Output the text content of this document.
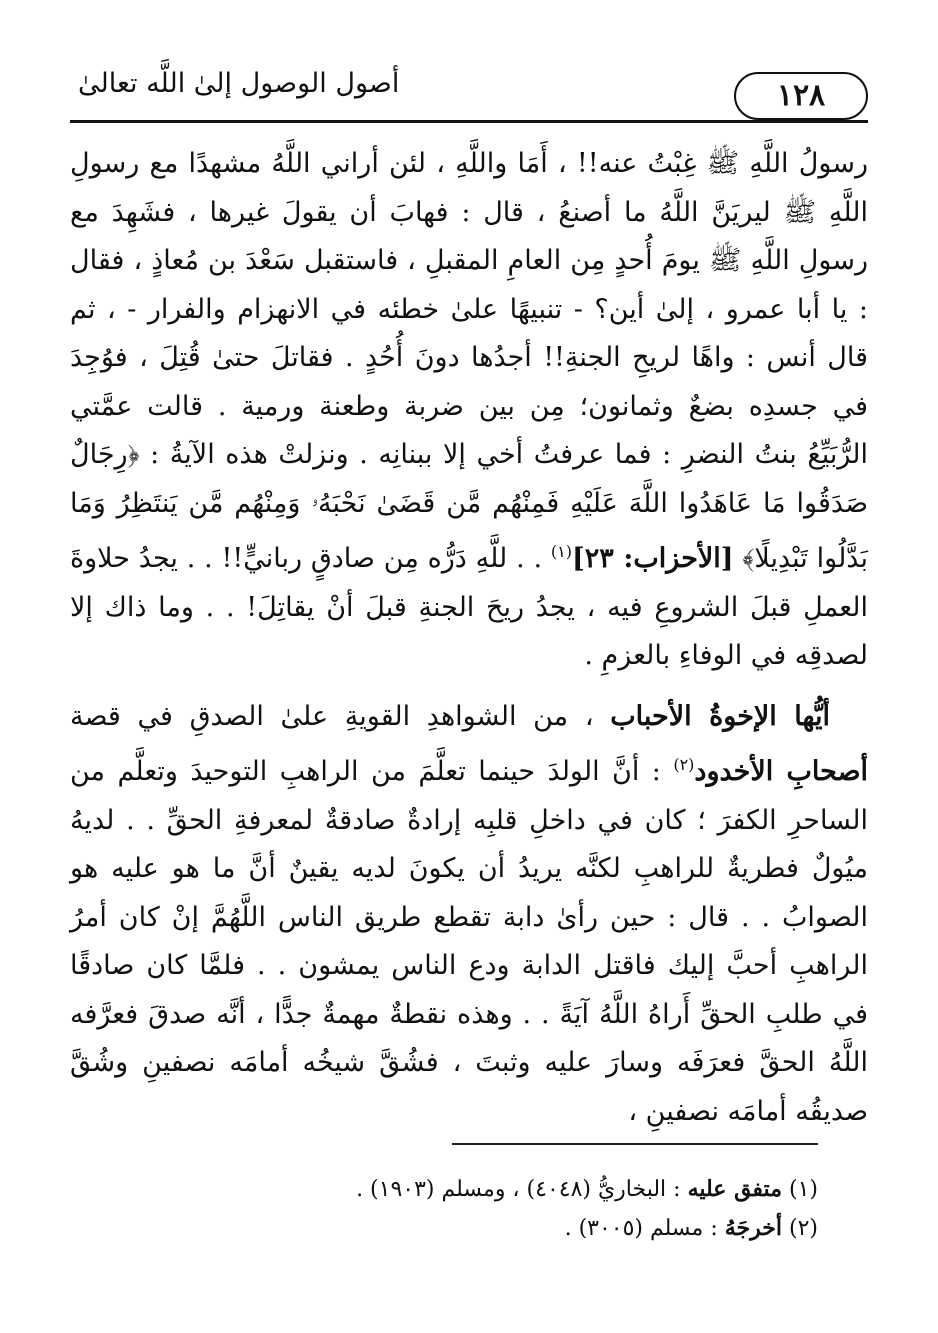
١٢٨
أصول الوصول إلىٰ اللَّه تعالىٰ

رسولُ اللَّهِ ﷺ غِبْتُ عنه!! ، أَمَا واللَّهِ ، لئن أراني اللَّهُ مشهدًا مع رسولِ اللَّهِ ﷺ ليريَنَّ اللَّهُ ما أصنعُ ، قال : فهابَ أن يقولَ غيرها ، فشَهِدَ مع رسولِ اللَّهِ ﷺ يومَ أُحدٍ مِن العامِ المقبلِ ، فاستقبل سَعْدَ بن مُعاذٍ ، فقال : يا أبا عمرو ، إلىٰ أين؟ - تنبيهًا علىٰ خطئه في الانهزام والفرار - ، ثم قال أنس : واهًا لريحِ الجنةِ!! أجدُها دونَ أُحُدٍ . فقاتلَ حتىٰ قُتِلَ ، فوُجِدَ في جسدِه بضعٌ وثمانون؛ مِن بين ضربة وطعنة ورمية . قالت عمَّتي الرُّبَيِّعُ بنتُ النضرِ : فما عرفتُ أخي إلا ببنانِه . ونزلتْ هذه الآيةُ : ﴿رِجَالٌ صَدَقُوا مَا عَاهَدُوا اللَّهَ عَلَيْهِ فَمِنْهُم مَّن قَضَىٰ نَحْبَهُۥ وَمِنْهُم مَّن يَنتَظِرُ وَمَا بَدَّلُوا تَبْدِيلًا﴾ [الأحزاب: ٢٣]$^{(١)}$ . . للَّهِ دَرُّه مِن صادقٍ ربانيٍّ!! . . يجدُ حلاوةَ العملِ قبلَ الشروعِ فيه ، يجدُ ريحَ الجنةِ قبلَ أنْ يقاتِلَ! . . وما ذاك إلا لصدقِه في الوفاءِ بالعزمِ .

أيُّها الإخوةُ الأحباب ، من الشواهدِ القويةِ علىٰ الصدقِ في قصة أصحابِ الأخدود$^{(٢)}$ : أنَّ الولدَ حينما تعلَّمَ من الراهبِ التوحيدَ وتعلَّم من الساحرِ الكفرَ ؛ كان في داخلِ قلبِه إرادةٌ صادقةٌ لمعرفةِ الحقِّ . . لديهُ ميُولٌ فطريةٌ للراهبِ لكنَّه يريدُ أن يكونَ لديه يقينٌ أنَّ ما هو عليه هو الصوابُ . . قال : حين رأىٰ دابة تقطع طريق الناس اللَّهُمَّ إنْ كان أمرُ الراهبِ أحبَّ إليك فاقتل الدابة ودع الناس يمشون . . فلمَّا كان صادقًا في طلبِ الحقِّ أَراهُ اللَّهُ آيَةً . . وهذه نقطةٌ مهمةٌ جدًّا ، أنَّه صدقَ فعرَّفه اللَّهُ الحقَّ فعرَفَه وسارَ عليه وثبتَ ، فشُقَّ شيخُه أمامَه نصفينِ وشُقَّ صديقُه أمامَه نصفينِ ،

(١) متفق عليه : البخاريُّ (٤٠٤٨) ، ومسلم (١٩٠٣) .
(٢) أخرجَهُ : مسلم (٣٠٠٥) .
